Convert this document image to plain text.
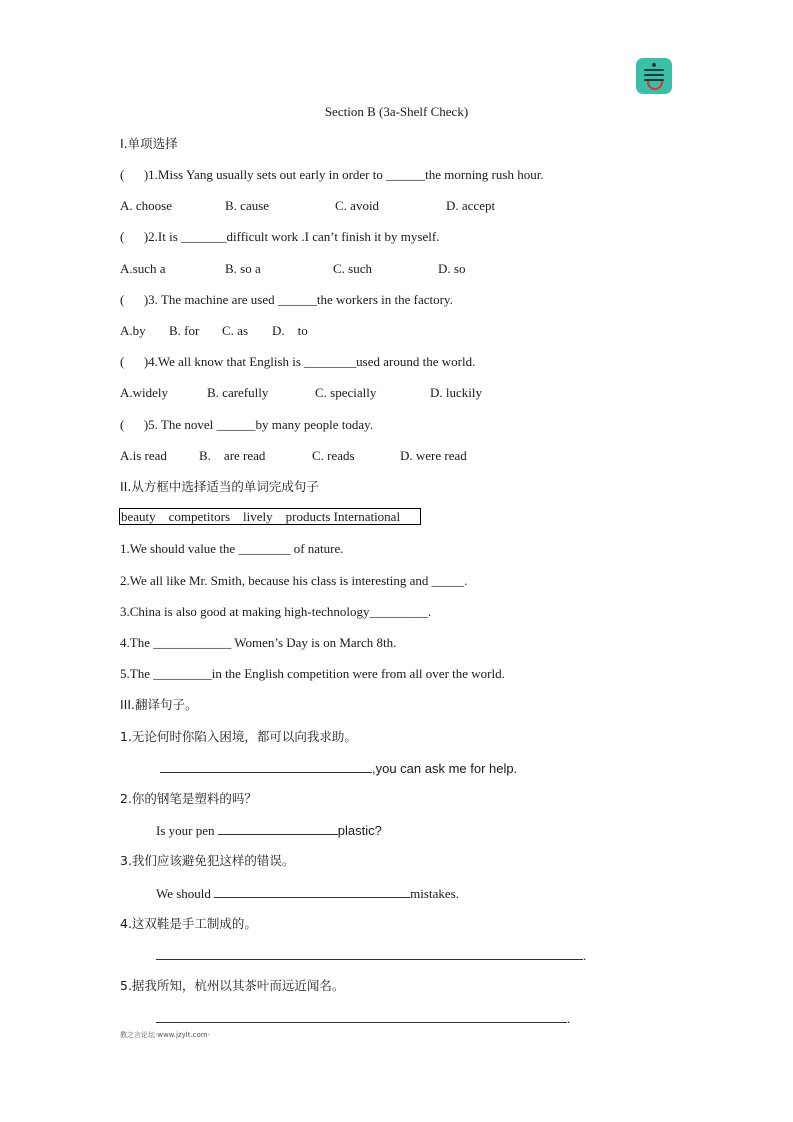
Section B (3a-Shelf Check)
I.单项选择
(      )1.Miss Yang usually sets out early in order to ______the morning rush hour.
A. choose	B. cause	C. avoid	D. accept
(      )2.It is _______difficult work .I can’t finish it by myself.
A.such a	B. so a	C. such	D. so
(      )3. The machine are used ______the workers in the factory.
A.by B. for C. as D.    to
(      )4.We all know that English is ________used around the world.
A.widely	B. carefully	C. specially	D. luckily
(      )5. The novel ______by many people today.
A.is read B.    are read	C. reads	D. were read
II.从方框中选择适当的单词完成句子
beauty    competitors    lively    products International
1.We should value the ________ of nature.
2.We all like Mr. Smith, because his class is interesting and _____.
3.China is also good at making high-technology_________.
4.The ____________ Women’s Day is on March 8th.
5.The _________in the English competition were from all over the world.
III.翻译句子。
1.无论何时你陷入困境，都可以向我求助。
,you can ask me for help.
2.你的钢笔是塑料的吗？
Is your pen	plastic?
3.我们应该避免犯这样的错误。
We should	mistakes.
4.这双鞋是手工制成的。
.
5.据我所知，杭州以其茶叶而远近闻名。
.
教之言论坛·www.jzylt.com·
